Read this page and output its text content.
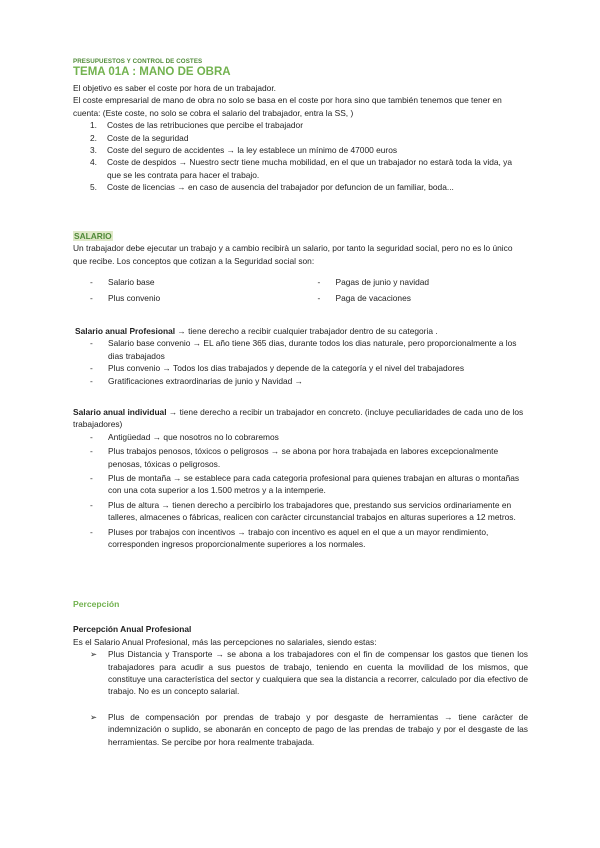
PRESUPUESTOS Y CONTROL DE COSTES
TEMA 01A : MANO DE OBRA

El objetivo es saber el coste por hora de un trabajador.

El coste empresarial de mano de obra no solo se basa en el coste por hora sino que también tenemos que tener en cuenta: (Este coste, no solo se cobra el salario del trabajador, entra la SS, )

1. Costes de las retribuciones que percibe el trabajador
2. Coste de la seguridad
3. Coste del seguro de accidentes → la ley establece un mínimo de 47000 euros
4. Coste de despidos → Nuestro sectr tiene mucha mobilidad, en el que un trabajador no estarà toda la vida, ya que se les contrata para hacer el trabajo.
5. Coste de licencias → en caso de ausencia del trabajador por defuncion de un familiar, boda...
SALARIO

Un trabajador debe ejecutar un trabajo y a cambio recibirà un salario, por tanto la seguridad social, pero no es lo único que recibe. Los conceptos que cotizan a la Seguridad social son:

- Salario base
- Plus convenio
- Pagas de junio y navidad
- Paga de vacaciones

Salario anual Profesional → tiene derecho a recibir cualquier trabajador dentro de su categoria .

- Salario base convenio → EL año tiene 365 dias, durante todos los dias naturale, pero proporcionalmente a los dias trabajados
- Plus convenio → Todos los dias trabajados y depende de la categoría y el nivel del trabajadores
- Gratificaciones extraordinarias de junio y Navidad →

Salario anual individual → tiene derecho a recibir un trabajador en concreto. (incluye peculiaridades de cada uno de los trabajadores)

- Antigüedad → que nosotros no lo cobraremos
- Plus trabajos penosos, tóxicos o peligrosos → se abona por hora trabajada en labores excepcionalmente penosas, tóxicas o peligrosos.
- Plus de montaña → se establece para cada categoria profesional para quienes trabajan en alturas o montañas con una cota superior a los 1.500 metros y a la intemperie.
- Plus de altura → tienen derecho a percibirlo los trabajadores que, prestando sus servicios ordinariamente en talleres, almacenes o fábricas, realicen con caràcter circunstancial trabajos en alturas superiores a 12 metros.
- Pluses por trabajos con incentivos → trabajo con incentivo es aquel en el que a un mayor rendimiento, corresponden ingresos proporcionalmente superiores a los normales.
Percepción
Percepción Anual Profesional

Es el Salario Anual Profesional, más las percepciones no salariales, siendo estas:

➢ Plus Distancia y Transporte → se abona a los trabajadores con el fin de compensar los gastos que tienen los trabajadores para acudir a sus puestos de trabajo, teniendo en cuenta la movilidad de los mismos, que constituye una característica del sector y cualquiera que sea la distancia a recorrer, calculado por dia efectivo de trabajo. No es un concepto salarial.
➢ Plus de compensación por prendas de trabajo y por desgaste de herramientas → tiene caràcter de indemnización o suplido, se abonarán en concepto de pago de las prendas de trabajo y por el desgaste de las herramientas. Se percibe por hora realmente trabajada.
